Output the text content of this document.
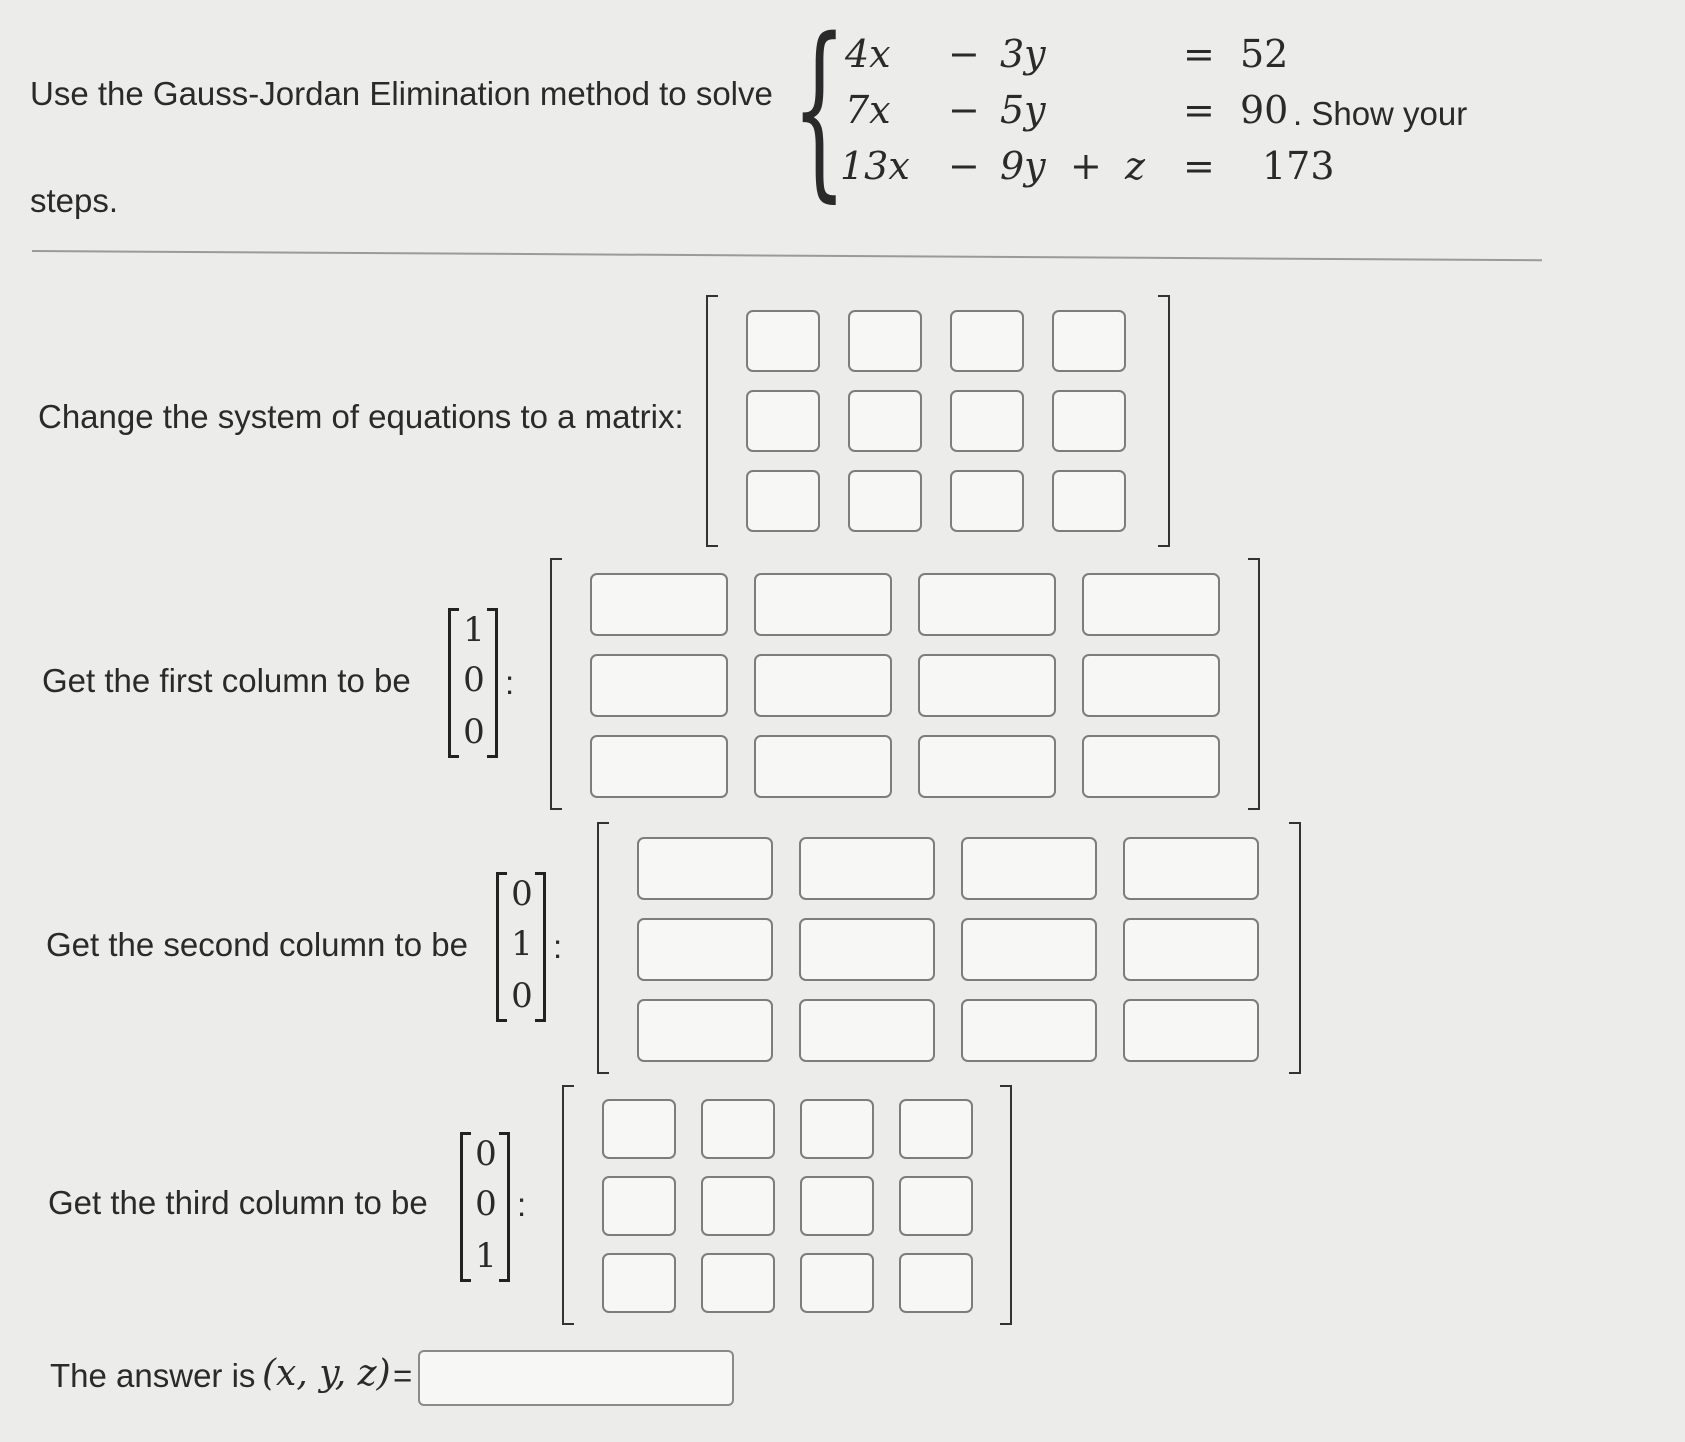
Use the Gauss-Jordan Elimination method to solve {
4x − 3y	= 52
7x − 5y	= 90
13x − 9y + z = 173
. Show your
steps.
Change the system of equations to a matrix:
Get the first column to be
1
0
0
:
Get the second column to be
0
1
0
:
Get the third column to be
0
0
1
:
The answer is (x, y, z) =
